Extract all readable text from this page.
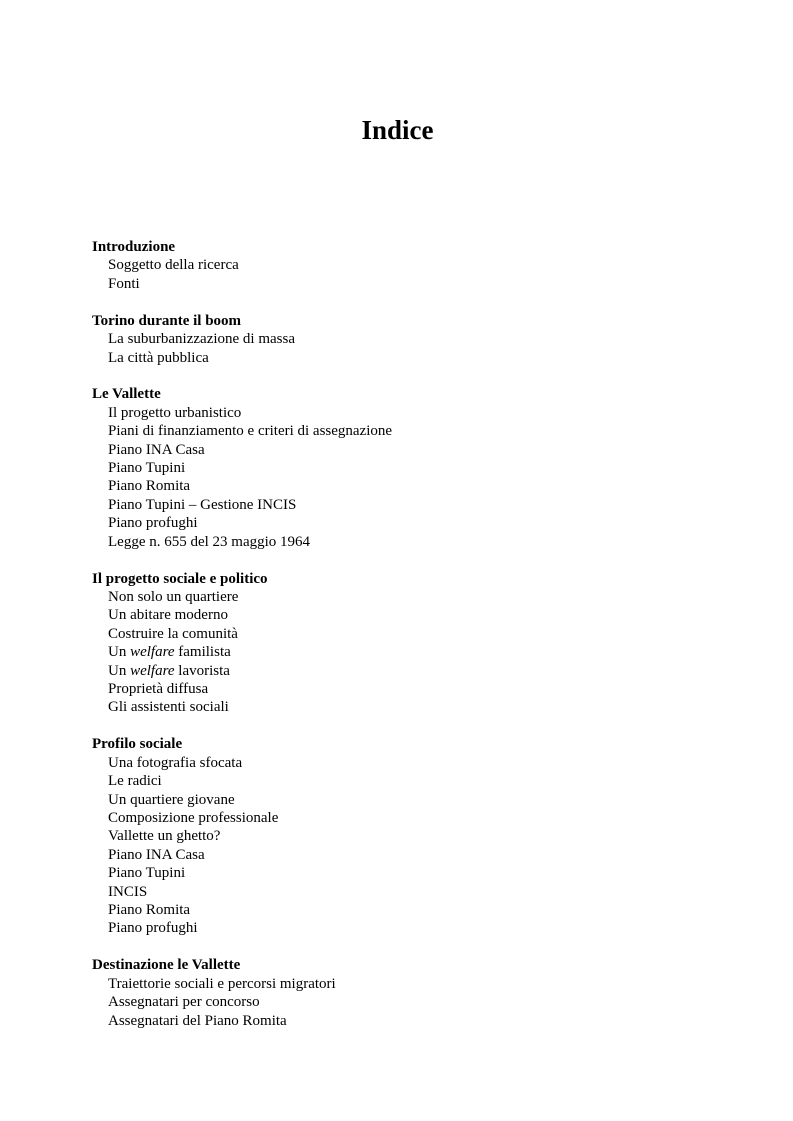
Indice
Introduzione
Soggetto della ricerca
Fonti
Torino durante il boom
La suburbanizzazione di massa
La città pubblica
Le Vallette
Il progetto urbanistico
Piani di finanziamento e criteri di assegnazione
Piano INA Casa
Piano Tupini
Piano Romita
Piano Tupini – Gestione INCIS
Piano profughi
Legge n. 655 del 23 maggio 1964
Il progetto sociale e politico
Non solo un quartiere
Un abitare moderno
Costruire la comunità
Un welfare familista
Un welfare lavorista
Proprietà diffusa
Gli assistenti sociali
Profilo sociale
Una fotografia sfocata
Le radici
Un quartiere giovane
Composizione professionale
Vallette un ghetto?
Piano INA Casa
Piano Tupini
INCIS
Piano Romita
Piano profughi
Destinazione le Vallette
Traiettorie sociali e percorsi migratori
Assegnatari per concorso
Assegnatari del Piano Romita
